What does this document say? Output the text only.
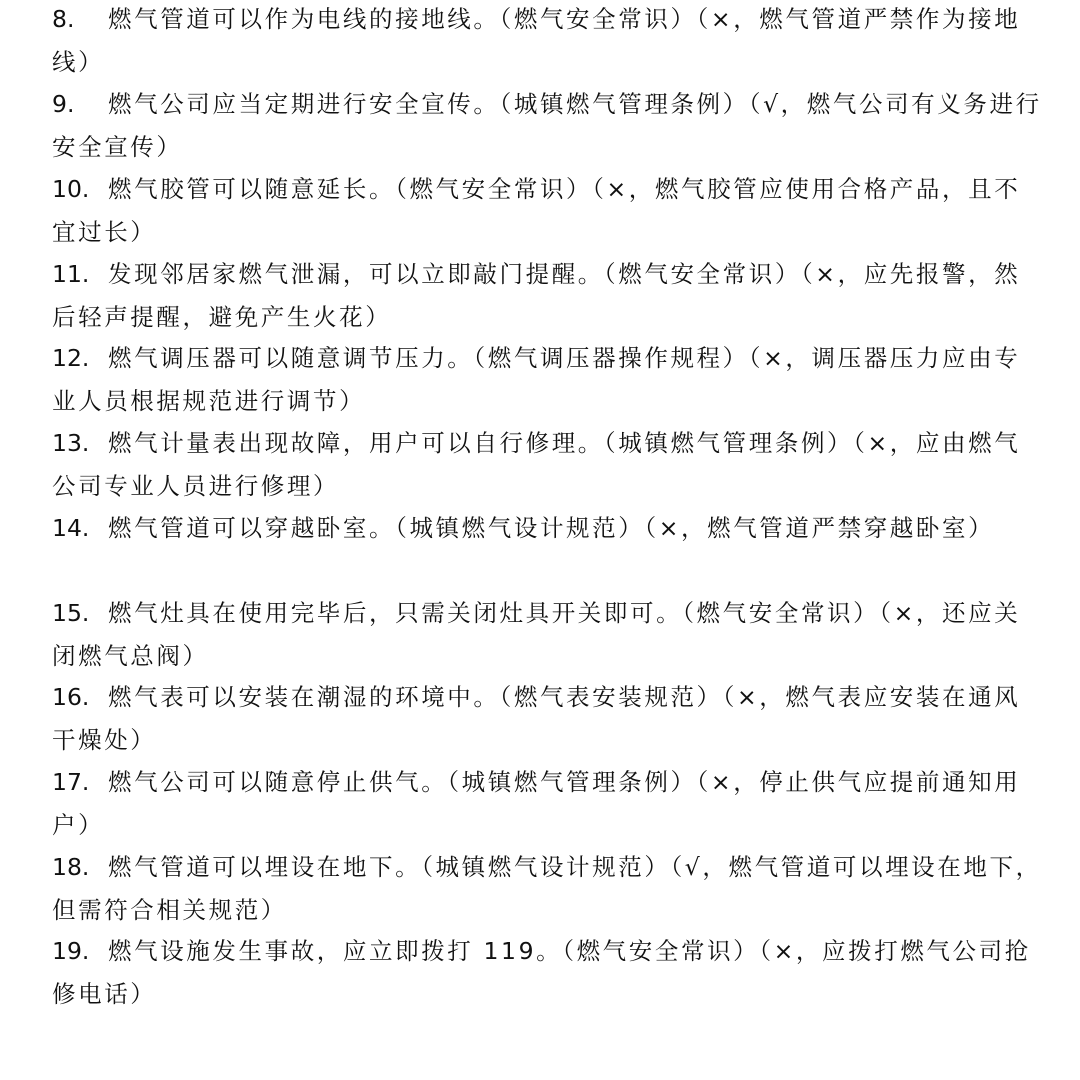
8. 燃气管道可以作为电线的接地线。（燃气安全常识）（×，燃气管道严禁作为接地线）
9. 燃气公司应当定期进行安全宣传。（城镇燃气管理条例）（√，燃气公司有义务进行安全宣传）
10. 燃气胶管可以随意延长。（燃气安全常识）（×，燃气胶管应使用合格产品，且不宜过长）
11. 发现邻居家燃气泄漏，可以立即敲门提醒。（燃气安全常识）（×，应先报警，然后轻声提醒，避免产生火花）
12. 燃气调压器可以随意调节压力。（燃气调压器操作规程）（×，调压器压力应由专业人员根据规范进行调节）
13. 燃气计量表出现故障，用户可以自行修理。（城镇燃气管理条例）（×，应由燃气公司专业人员进行修理）
14. 燃气管道可以穿越卧室。（城镇燃气设计规范）（×，燃气管道严禁穿越卧室）
15. 燃气灶具在使用完毕后，只需关闭灶具开关即可。（燃气安全常识）（×，还应关闭燃气总阀）
16. 燃气表可以安装在潮湿的环境中。（燃气表安装规范）（×，燃气表应安装在通风干燥处）
17. 燃气公司可以随意停止供气。（城镇燃气管理条例）（×，停止供气应提前通知用户）
18. 燃气管道可以埋设在地下。（城镇燃气设计规范）（√，燃气管道可以埋设在地下，但需符合相关规范）
19. 燃气设施发生事故，应立即拨打 119。（燃气安全常识）（×，应拨打燃气公司抢修电话）
